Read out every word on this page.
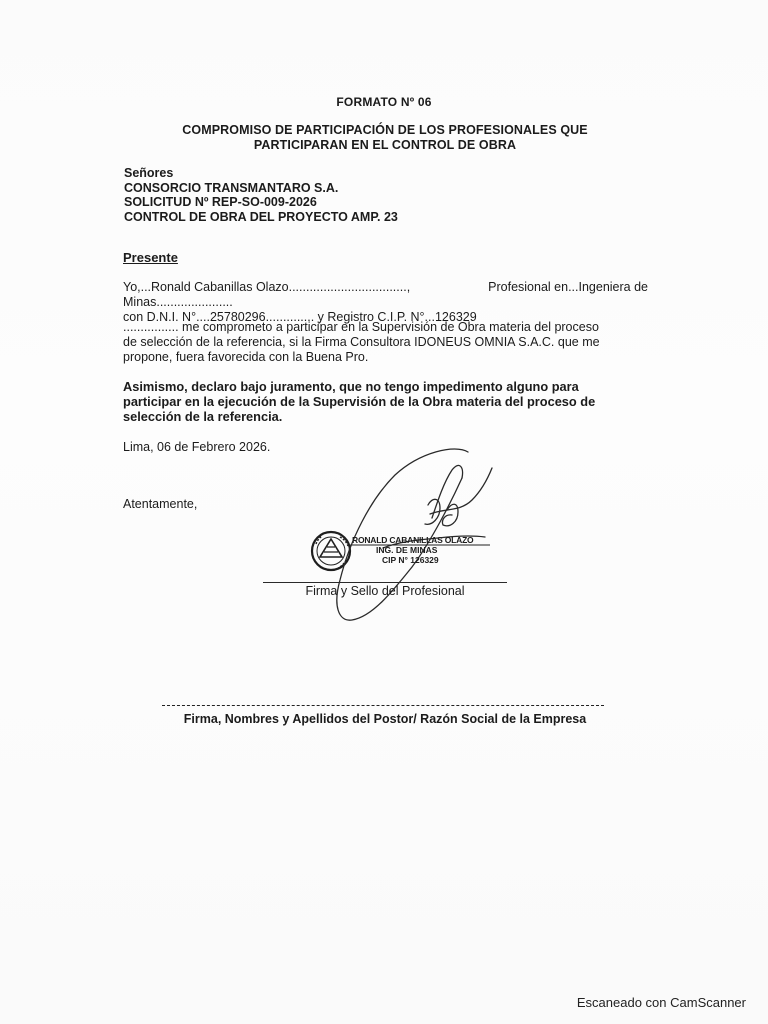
FORMATO Nº 06
COMPROMISO DE PARTICIPACIÓN DE LOS PROFESIONALES QUE
PARTICIPARAN EN EL CONTROL DE OBRA
Señores
CONSORCIO TRANSMANTARO S.A.
SOLICITUD Nº REP-SO-009-2026
CONTROL DE OBRA DEL PROYECTO AMP. 23
Presente
Yo,...Ronald Cabanillas Olazo..................................,	Profesional en...Ingeniera de
Minas......................
con D.N.I. N°....25780296.............. y Registro C.I.P. N°...126329
................ me comprometo a participar en la Supervisión de Obra materia del proceso
de selección de la referencia, si la Firma Consultora IDONEUS OMNIA S.A.C. que me
propone, fuera favorecida con la Buena Pro.
Asimismo, declaro bajo juramento, que no tengo impedimento alguno para
participar en la ejecución de la Supervisión de la Obra materia del proceso de
selección de la referencia.
Lima, 06 de Febrero 2026.
Atentamente,
RONALD CABANILLAS OLAZO
ING. DE MINAS
CIP N° 126329
Firma y Sello del Profesional
Firma, Nombres y Apellidos del Postor/ Razón Social de la Empresa
Escaneado con CamScanner
